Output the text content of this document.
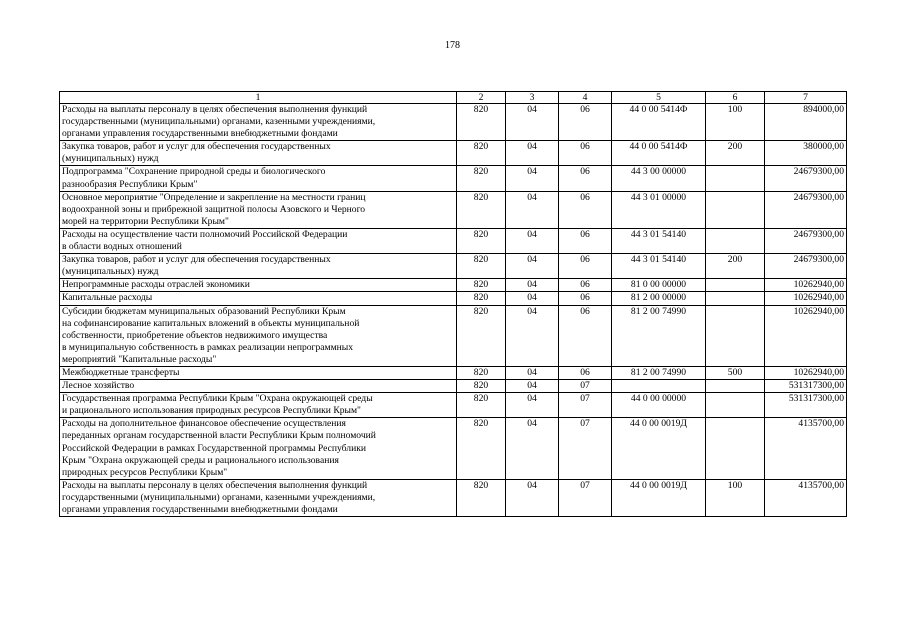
178
1	2	3	4	5	6	7
Расходы на выплаты персоналу в целях обеспечения выполнения функций
государственными (муниципальными) органами, казенными учреждениями,
органами управления государственными внебюджетными фондами	820	04	06	44 0 00 5414Ф	100	894000,00
Закупка товаров, работ и услуг для обеспечения государственных
(муниципальных) нужд	820	04	06	44 0 00 5414Ф	200	380000,00
Подпрограмма "Сохранение природной среды и биологического
разнообразия Республики Крым"	820	04	06	44 3 00 00000		24679300,00
Основное мероприятие "Определение и закрепление на местности границ
водоохранной зоны и прибрежной защитной полосы Азовского и Черного
морей на территории Республики Крым"	820	04	06	44 3 01 00000		24679300,00
Расходы на осуществление части полномочий Российской Федерации
в области водных отношений	820	04	06	44 3 01 54140		24679300,00
Закупка товаров, работ и услуг для обеспечения государственных
(муниципальных) нужд	820	04	06	44 3 01 54140	200	24679300,00
Непрограммные расходы отраслей экономики	820	04	06	81 0 00 00000		10262940,00
Капитальные расходы	820	04	06	81 2 00 00000		10262940,00
Субсидии бюджетам муниципальных образований Республики Крым
на софинансирование капитальных вложений в объекты муниципальной
собственности, приобретение объектов недвижимого имущества
в муниципальную собственность в рамках реализации непрограммных
мероприятий "Капитальные расходы"	820	04	06	81 2 00 74990		10262940,00
Межбюджетные трансферты	820	04	06	81 2 00 74990	500	10262940,00
Лесное хозяйство	820	04	07			531317300,00
Государственная программа Республики Крым "Охрана окружающей среды
и рационального использования природных ресурсов Республики Крым"	820	04	07	44 0 00 00000		531317300,00
Расходы на дополнительное финансовое обеспечение осуществления
переданных органам государственной власти Республики Крым полномочий
Российской Федерации в рамках Государственной программы Республики
Крым "Охрана окружающей среды и рационального использования
природных ресурсов Республики Крым"	820	04	07	44 0 00 0019Д		4135700,00
Расходы на выплаты персоналу в целях обеспечения выполнения функций
государственными (муниципальными) органами, казенными учреждениями,
органами управления государственными внебюджетными фондами	820	04	07	44 0 00 0019Д	100	4135700,00
